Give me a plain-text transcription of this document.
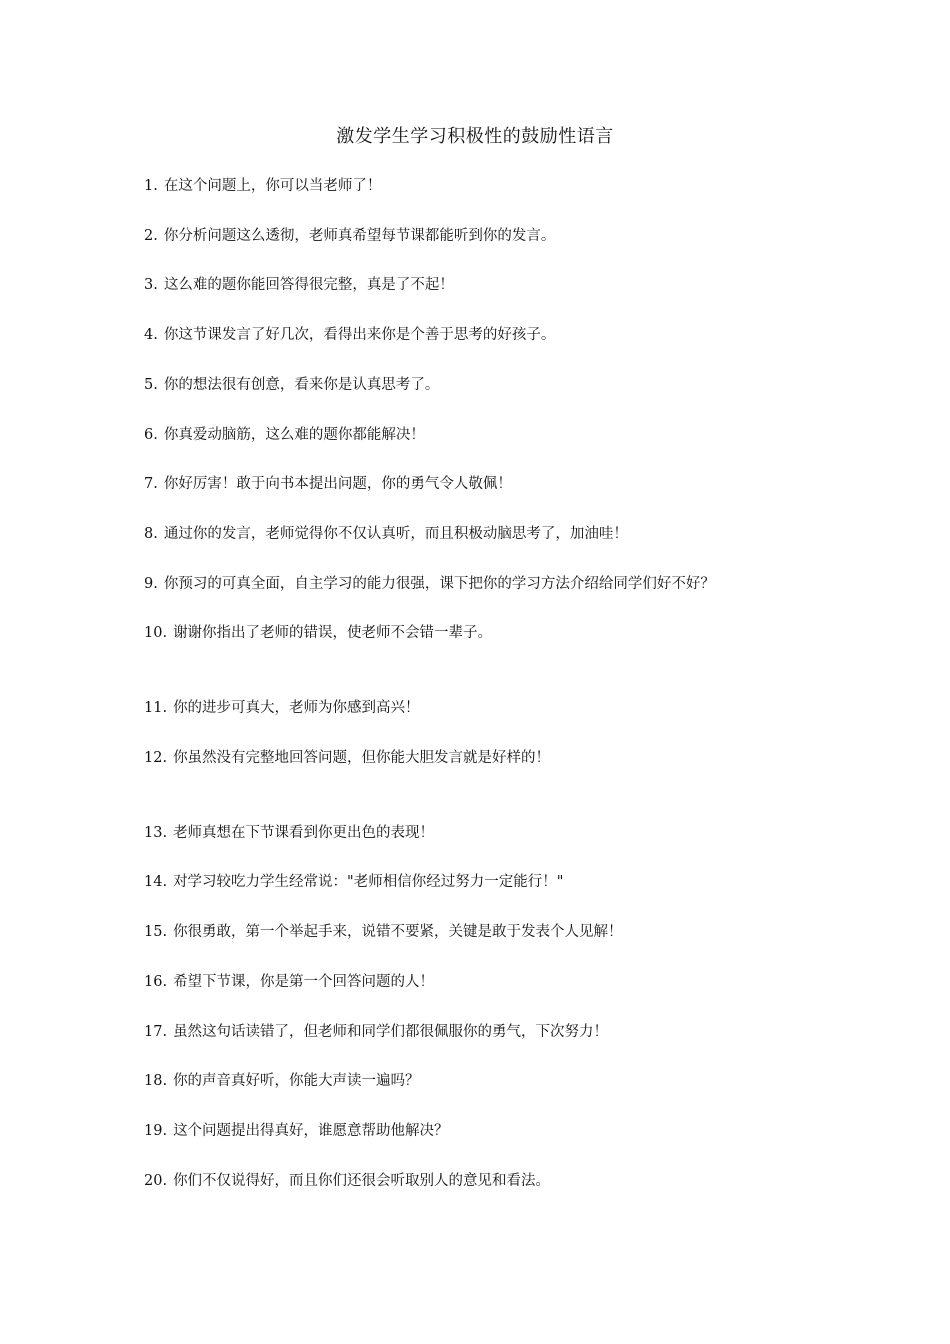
激发学生学习积极性的鼓励性语言
1. 在这个问题上，你可以当老师了！
2. 你分析问题这么透彻，老师真希望每节课都能听到你的发言。
3. 这么难的题你能回答得很完整，真是了不起！
4. 你这节课发言了好几次，看得出来你是个善于思考的好孩子。
5. 你的想法很有创意，看来你是认真思考了。
6. 你真爱动脑筋，这么难的题你都能解决！
7. 你好厉害！敢于向书本提出问题，你的勇气令人敬佩！
8. 通过你的发言，老师觉得你不仅认真听，而且积极动脑思考了，加油哇！
9. 你预习的可真全面，自主学习的能力很强，课下把你的学习方法介绍给同学们好不好？
10. 谢谢你指出了老师的错误，使老师不会错一辈子。
11. 你的进步可真大，老师为你感到高兴！
12. 你虽然没有完整地回答问题，但你能大胆发言就是好样的！
13. 老师真想在下节课看到你更出色的表现！
14. 对学习较吃力学生经常说："老师相信你经过努力一定能行！"
15. 你很勇敢，第一个举起手来，说错不要紧，关键是敢于发表个人见解！
16. 希望下节课，你是第一个回答问题的人！
17. 虽然这句话读错了，但老师和同学们都很佩服你的勇气，下次努力！
18. 你的声音真好听，你能大声读一遍吗？
19. 这个问题提出得真好，谁愿意帮助他解决？
20. 你们不仅说得好，而且你们还很会听取别人的意见和看法。
